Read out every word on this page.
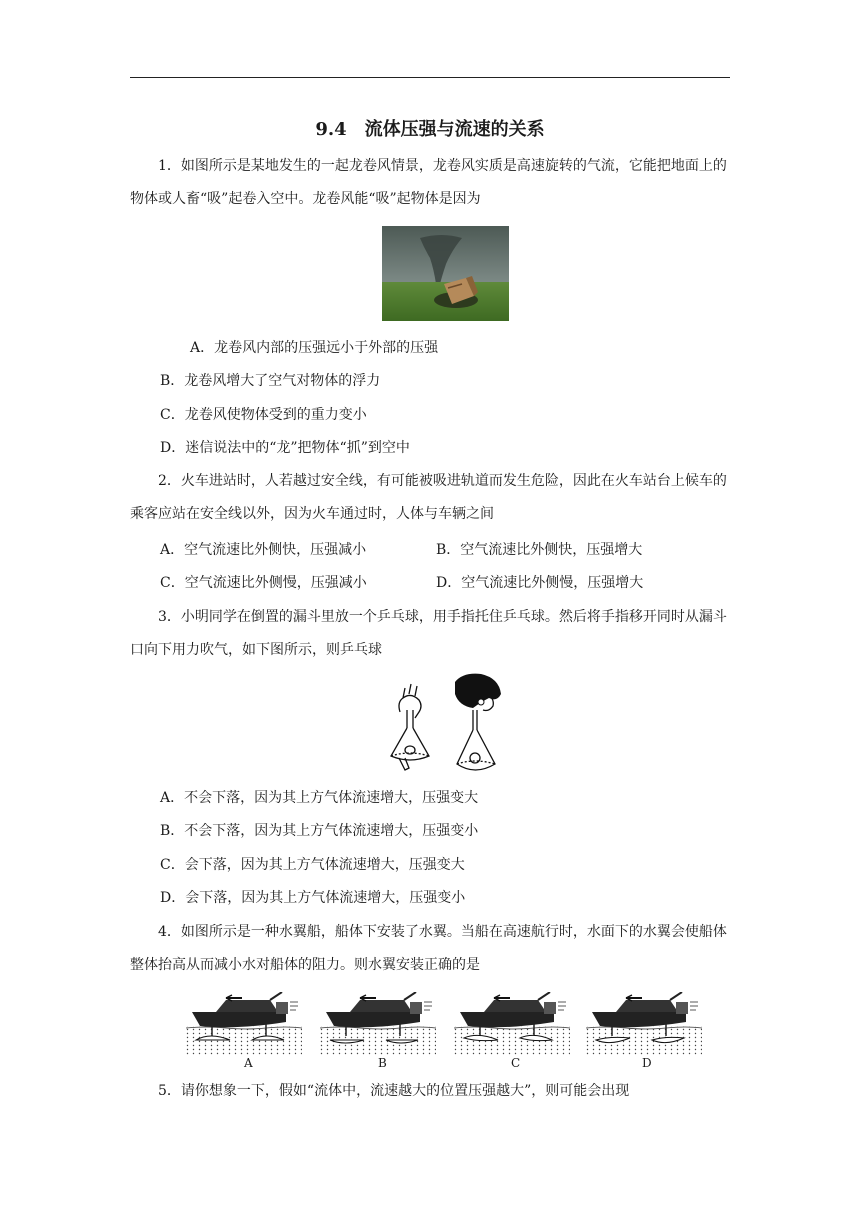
9.4　流体压强与流速的关系
1．如图所示是某地发生的一起龙卷风情景，龙卷风实质是高速旋转的气流，它能把地面上的物体或人畜“吸”起卷入空中。龙卷风能“吸”起物体是因为
A．龙卷风内部的压强远小于外部的压强
B．龙卷风增大了空气对物体的浮力
C．龙卷风使物体受到的重力变小
D．迷信说法中的“龙”把物体“抓”到空中
2．火车进站时，人若越过安全线，有可能被吸进轨道而发生危险，因此在火车站台上候车的乘客应站在安全线以外，因为火车通过时，人体与车辆之间
A．空气流速比外侧快，压强减小	B．空气流速比外侧快，压强增大
C．空气流速比外侧慢，压强减小	D．空气流速比外侧慢，压强增大
3．小明同学在倒置的漏斗里放一个乒乓球，用手指托住乒乓球。然后将手指移开同时从漏斗口向下用力吹气，如下图所示，则乒乓球
A．不会下落，因为其上方气体流速增大，压强变大
B．不会下落，因为其上方气体流速增大，压强变小
C．会下落，因为其上方气体流速增大，压强变大
D．会下落，因为其上方气体流速增大，压强变小
4．如图所示是一种水翼船，船体下安装了水翼。当船在高速航行时，水面下的水翼会使船体整体抬高从而减小水对船体的阻力。则水翼安装正确的是
A	B	C	D
5．请你想象一下，假如“流体中，流速越大的位置压强越大”，则可能会出现
